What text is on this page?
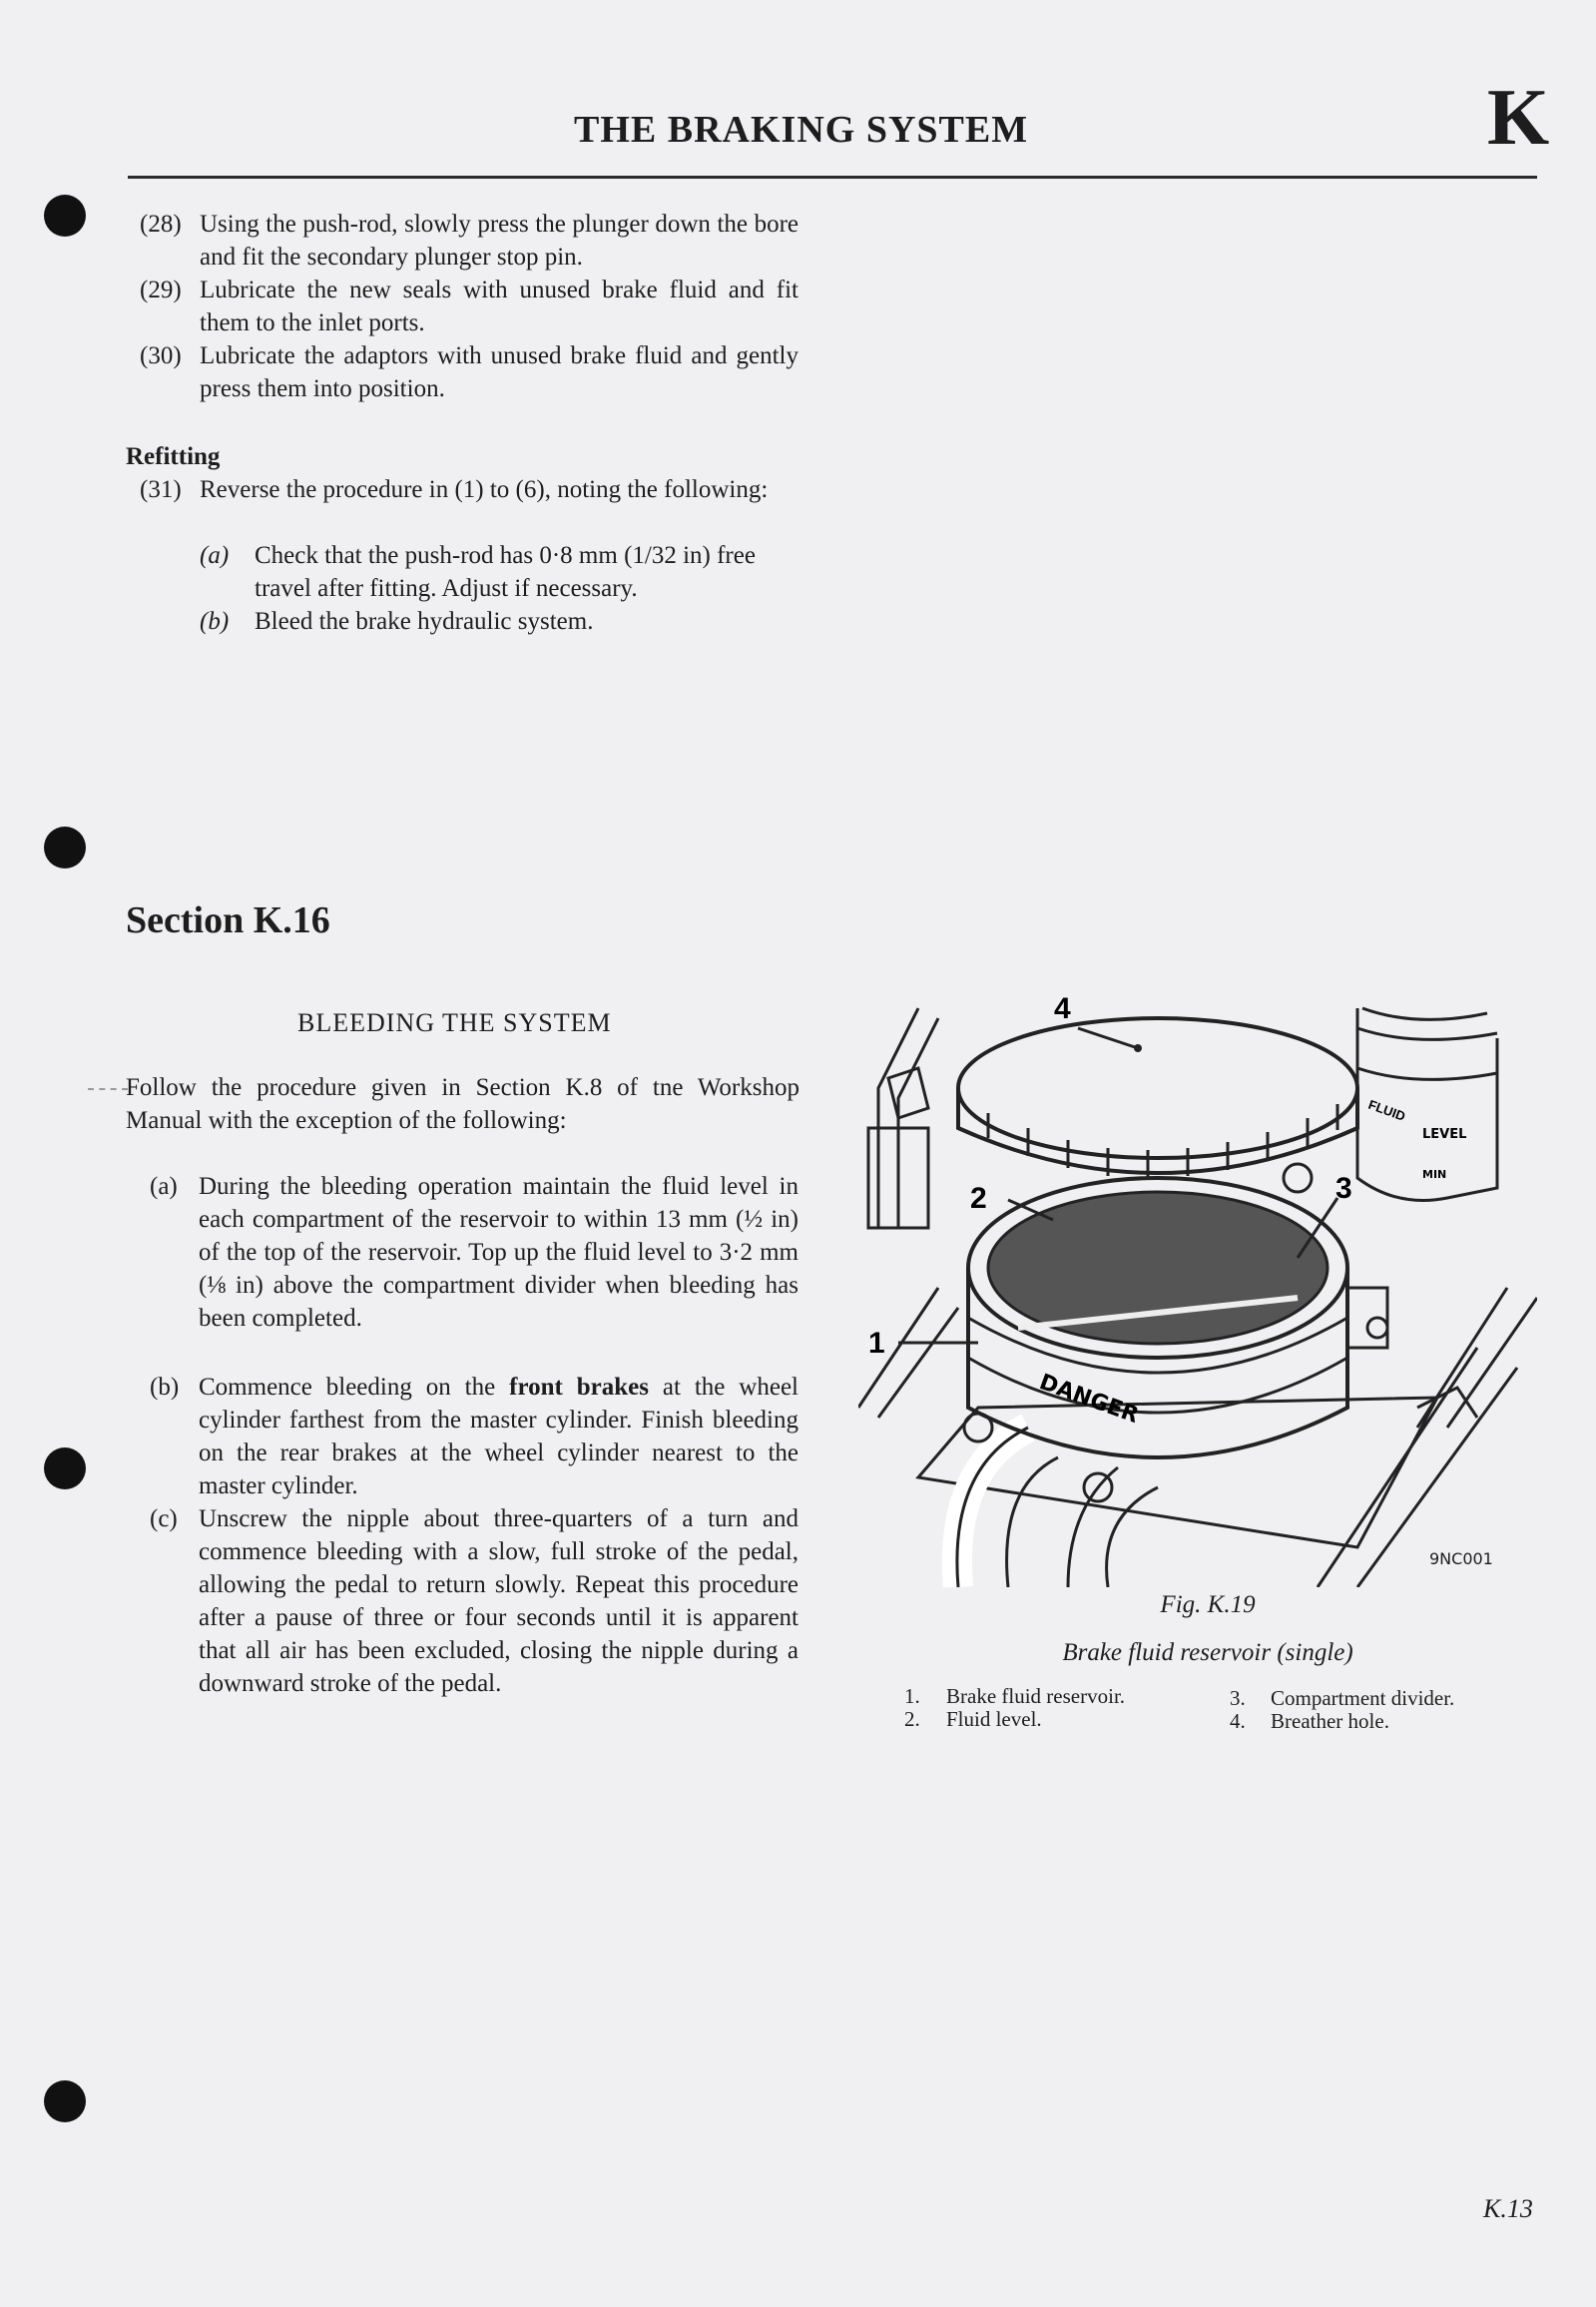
THE BRAKING SYSTEM	K
(28) Using the push-rod, slowly press the plunger down the bore and fit the secondary plunger stop pin.
(29) Lubricate the new seals with unused brake fluid and fit them to the inlet ports.
(30) Lubricate the adaptors with unused brake fluid and gently press them into position.
Refitting
(31) Reverse the procedure in (1) to (6), noting the following:
(a) Check that the push-rod has 0·8 mm (1/32 in) free travel after fitting. Adjust if necessary.
(b) Bleed the brake hydraulic system.
Section K.16
BLEEDING THE SYSTEM
Follow the procedure given in Section K.8 of tne Workshop Manual with the exception of the following:
(a) During the bleeding operation maintain the fluid level in each compartment of the reservoir to within 13 mm (½ in) of the top of the reservoir. Top up the fluid level to 3·2 mm (⅛ in) above the compartment divider when bleeding has been completed.
(b) Commence bleeding on the front brakes at the wheel cylinder farthest from the master cylinder. Finish bleeding on the rear brakes at the wheel cylinder nearest to the master cylinder.
(c) Unscrew the nipple about three-quarters of a turn and commence bleeding with a slow, full stroke of the pedal, allowing the pedal to return slowly. Repeat this procedure after a pause of three or four seconds until it is apparent that all air has been excluded, closing the nipple during a downward stroke of the pedal.
FLUID
LEVEL
MIN
DANGER
1
2	3
4
9NC001
Fig. K.19
Brake fluid reservoir (single)
1. Brake fluid reservoir.
2. Fluid level.
3. Compartment divider.
4. Breather hole.
K.13
